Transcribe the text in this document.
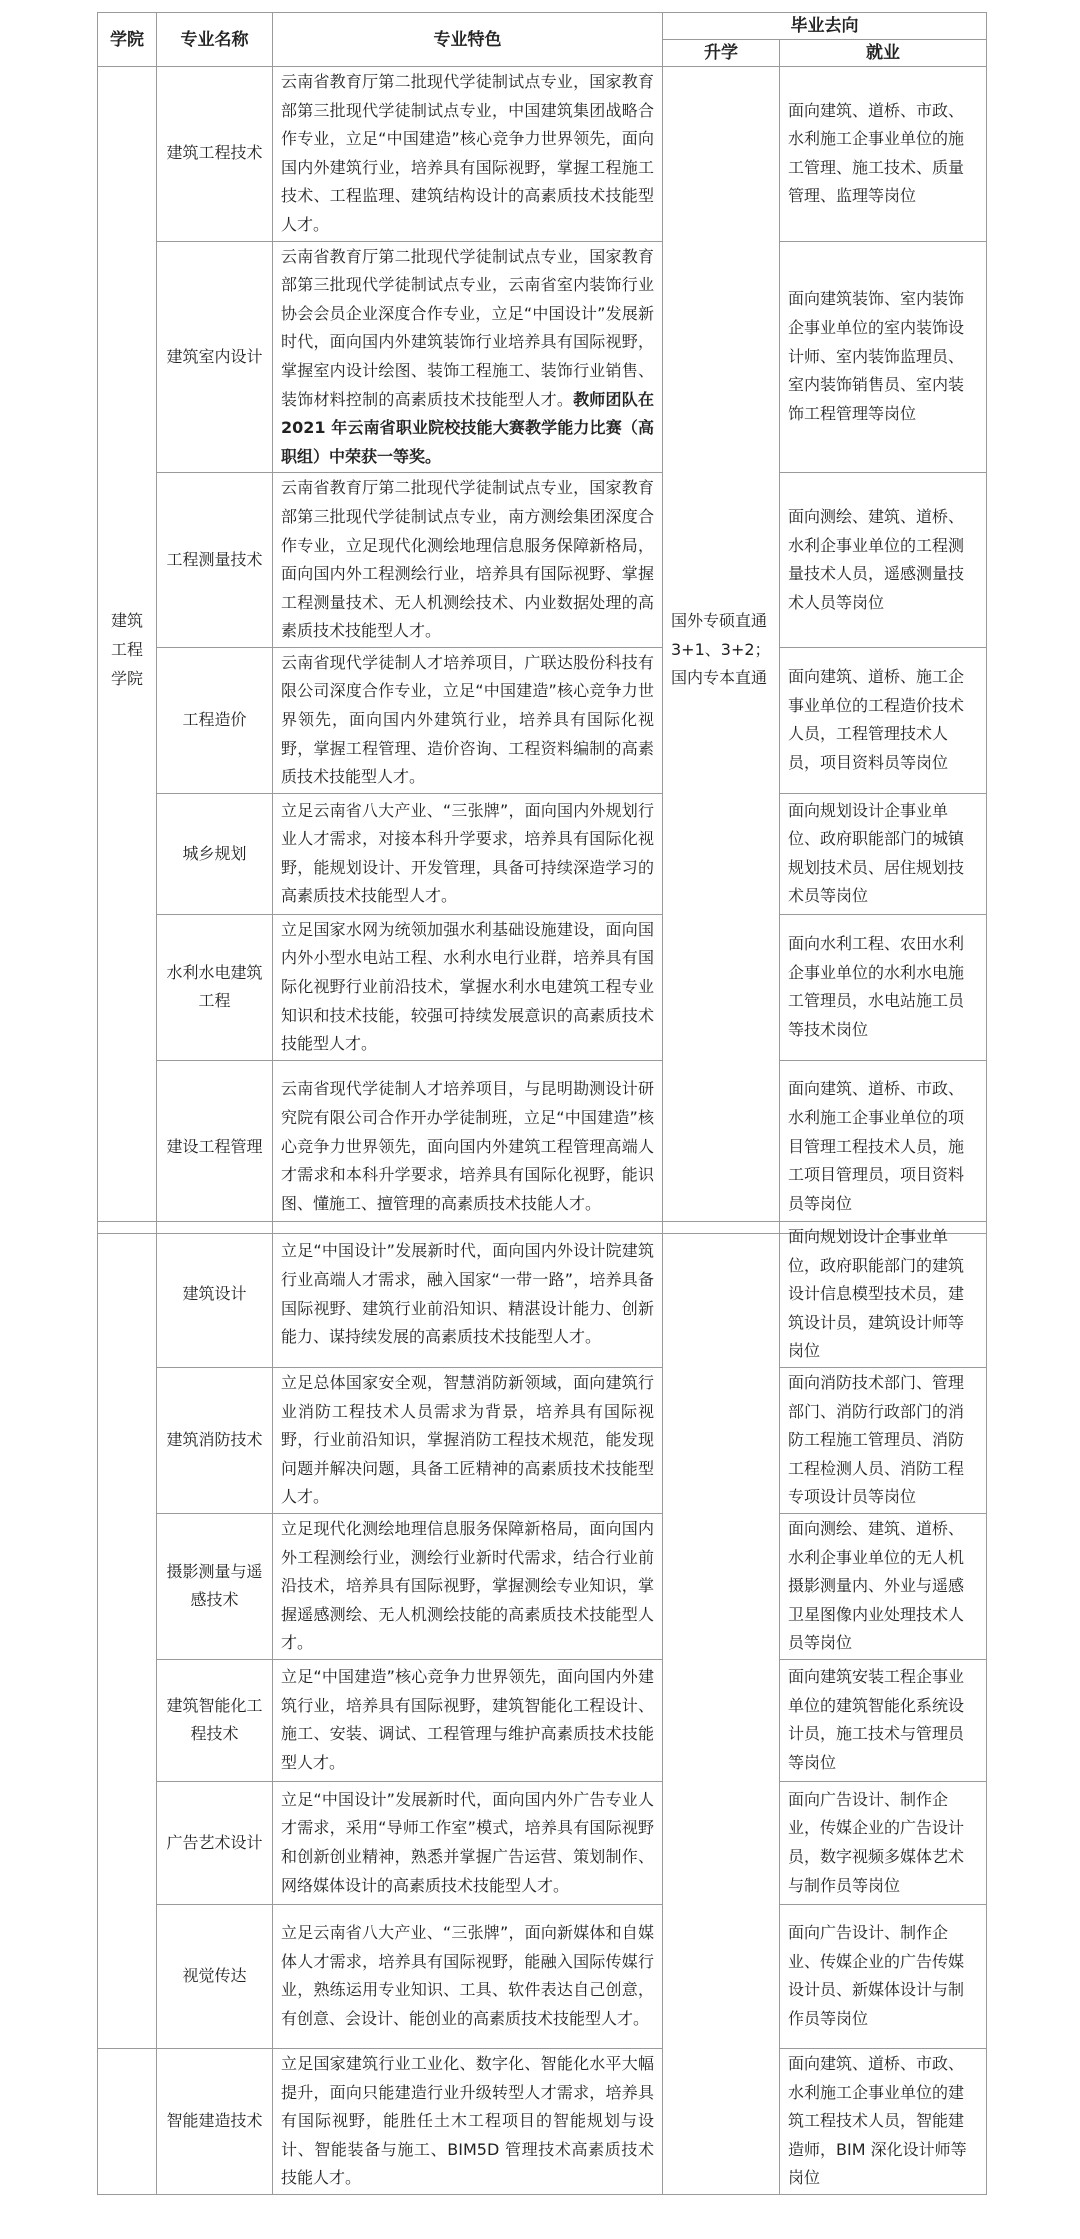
学院	专业名称	专业特色	毕业去向	
			升学	就业
建筑工程学院	建筑工程技术	云南省教育厅第二批现代学徒制试点专业，国家教育部第三批现代学徒制试点专业，中国建筑集团战略合作专业，立足“中国建造”核心竞争力世界领先，面向国内外建筑行业，培养具有国际视野，掌握工程施工技术、工程监理、建筑结构设计的高素质技术技能型人才。	国外专硕直通 3+1、3+2；国内专本直通	面向建筑、道桥、市政、水利施工企事业单位的施工管理、施工技术、质量管理、监理等岗位
	建筑室内设计	云南省教育厅第二批现代学徒制试点专业，国家教育部第三批现代学徒制试点专业，云南省室内装饰行业协会会员企业深度合作专业，立足“中国设计”发展新时代，面向国内外建筑装饰行业培养具有国际视野，掌握室内设计绘图、装饰工程施工、装饰行业销售、装饰材料控制的高素质技术技能型人才。教师团队在 2021 年云南省职业院校技能大赛教学能力比赛（高职组）中荣获一等奖。		面向建筑装饰、室内装饰企事业单位的室内装饰设计师、室内装饰监理员、室内装饰销售员、室内装饰工程管理等岗位
	工程测量技术	云南省教育厅第二批现代学徒制试点专业，国家教育部第三批现代学徒制试点专业，南方测绘集团深度合作专业，立足现代化测绘地理信息服务保障新格局，面向国内外工程测绘行业，培养具有国际视野、掌握工程测量技术、无人机测绘技术、内业数据处理的高素质技术技能型人才。		面向测绘、建筑、道桥、水利企事业单位的工程测量技术人员，遥感测量技术人员等岗位
	工程造价	云南省现代学徒制人才培养项目，广联达股份科技有限公司深度合作专业，立足“中国建造”核心竞争力世界领先，面向国内外建筑行业，培养具有国际化视野，掌握工程管理、造价咨询、工程资料编制的高素质技术技能型人才。		面向建筑、道桥、施工企事业单位的工程造价技术人员，工程管理技术人员，项目资料员等岗位
	城乡规划	立足云南省八大产业、“三张牌”，面向国内外规划行业人才需求，对接本科升学要求，培养具有国际化视野，能规划设计、开发管理，具备可持续深造学习的高素质技术技能型人才。		面向规划设计企事业单位、政府职能部门的城镇规划技术员、居住规划技术员等岗位
	水利水电建筑工程	立足国家水网为统领加强水利基础设施建设，面向国内外小型水电站工程、水利水电行业群，培养具有国际化视野行业前沿技术，掌握水利水电建筑工程专业知识和技术技能，较强可持续发展意识的高素质技术技能型人才。		面向水利工程、农田水利企事业单位的水利水电施工管理员，水电站施工员等技术岗位
	建设工程管理	云南省现代学徒制人才培养项目，与昆明勘测设计研究院有限公司合作开办学徒制班，立足“中国建造”核心竞争力世界领先，面向国内外建筑工程管理高端人才需求和本科升学要求，培养具有国际化视野，能识图、懂施工、擅管理的高素质技术技能人才。		面向建筑、道桥、市政、水利施工企事业单位的项目管理工程技术人员，施工项目管理员，项目资料员等岗位
	建筑设计	立足“中国设计”发展新时代，面向国内外设计院建筑行业高端人才需求，融入国家“一带一路”，培养具备国际视野、建筑行业前沿知识、精湛设计能力、创新能力、谋持续发展的高素质技术技能型人才。		面向规划设计企事业单位，政府职能部门的建筑设计信息模型技术员，建筑设计员，建筑设计师等岗位
	建筑消防技术	立足总体国家安全观，智慧消防新领域，面向建筑行业消防工程技术人员需求为背景，培养具有国际视野，行业前沿知识，掌握消防工程技术规范，能发现问题并解决问题，具备工匠精神的高素质技术技能型人才。		面向消防技术部门、管理部门、消防行政部门的消防工程施工管理员、消防工程检测人员、消防工程专项设计员等岗位
	摄影测量与遥感技术	立足现代化测绘地理信息服务保障新格局，面向国内外工程测绘行业，测绘行业新时代需求，结合行业前沿技术，培养具有国际视野，掌握测绘专业知识，掌握遥感测绘、无人机测绘技能的高素质技术技能型人才。		面向测绘、建筑、道桥、水利企事业单位的无人机摄影测量内、外业与遥感卫星图像内业处理技术人员等岗位
	建筑智能化工程技术	立足“中国建造”核心竞争力世界领先，面向国内外建筑行业，培养具有国际视野，建筑智能化工程设计、施工、安装、调试、工程管理与维护高素质技术技能型人才。		面向建筑安装工程企事业单位的建筑智能化系统设计员，施工技术与管理员等岗位
	广告艺术设计	立足“中国设计”发展新时代，面向国内外广告专业人才需求，采用“导师工作室”模式，培养具有国际视野和创新创业精神，熟悉并掌握广告运营、策划制作、网络媒体设计的高素质技术技能型人才。		面向广告设计、制作企业，传媒企业的广告设计员，数字视频多媒体艺术与制作员等岗位
	视觉传达	立足云南省八大产业、“三张牌”，面向新媒体和自媒体人才需求，培养具有国际视野，能融入国际传媒行业，熟练运用专业知识、工具、软件表达自己创意，有创意、会设计、能创业的高素质技术技能型人才。		面向广告设计、制作企业、传媒企业的广告传媒设计员、新媒体设计与制作员等岗位
	智能建造技术	立足国家建筑行业工业化、数字化、智能化水平大幅提升，面向只能建造行业升级转型人才需求，培养具有国际视野，能胜任土木工程项目的智能规划与设计、智能装备与施工、BIM5D 管理技术高素质技术技能人才。		面向建筑、道桥、市政、水利施工企事业单位的建筑工程技术人员，智能建造师，BIM 深化设计师等岗位
